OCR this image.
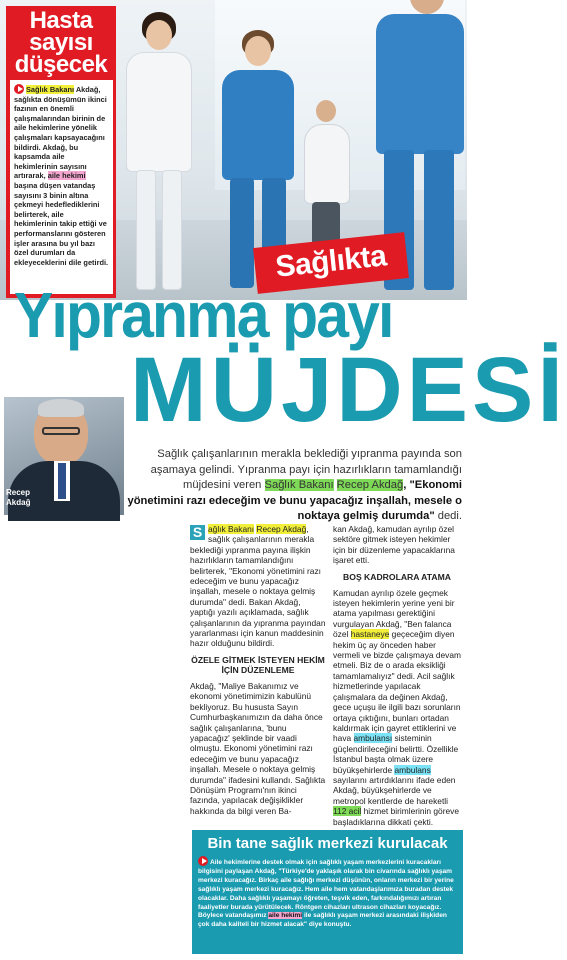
Hasta
sayısı
düşecek
Sağlık Bakanı Akdağ, sağlıkta dönüşümün ikinci fazının en önemli çalışmalarından birinin de aile hekimlerine yönelik çalışmaları kapsayacağını bildirdi. Akdağ, bu kapsamda aile hekimlerinin sayısını artırarak, aile hekimi başına düşen vatandaş sayısını 3 binin altına çekmeyi hedeflediklerini belirterek, aile hekimlerinin takip ettiği ve performanslarını gösteren işler arasına bu yıl bazı özel durumları da ekleyeceklerini dile getirdi.	Sağlıkta
Yıpranma payı
MÜJDESİ
Recep
Akdağ
Sağlık çalışanlarının merakla beklediği yıpranma payında son aşamaya gelindi. Yıpranma payı için hazırlıkların tamamlandığı müjdesini veren Sağlık Bakanı Recep Akdağ, "Ekonomi yönetimini razı edeceğim ve bunu yapacağız inşallah, mesele o noktaya gelmiş durumda" dedi.

S ağlık Bakanı Recep Akdağ, sağlık çalışanlarının merakla beklediği yıpranma payına ilişkin hazırlıkların tamamlandığını belirterek, "Ekonomi yönetimini razı edeceğim ve bunu yapacağız inşallah, mesele o noktaya gelmiş durumda" dedi. Bakan Akdağ, yaptığı yazılı açıklamada, sağlık çalışanlarının da yıpranma payından yararlanması için kanun maddesinin hazır olduğunu bildirdi.

ÖZELE GİTMEK İSTEYEN HEKİM İÇİN DÜZENLEME

Akdağ, "Maliye Bakanımız ve ekonomi yönetimimizin kabulünü bekliyoruz. Bu hususta Sayın Cumhurbaşkanımızın da daha önce sağlık çalışanlarına, 'bunu yapacağız' şeklinde bir vaadi olmuştu. Ekonomi yönetimini razı edeceğim ve bunu yapacağız inşallah. Mesele o noktaya gelmiş durumda" ifadesini kullandı. Sağlıkta Dönüşüm Programı'nın ikinci fazında, yapılacak değişiklikler hakkında da bilgi veren Ba-

kan Akdağ, kamudan ayrılıp özel sektöre gitmek isteyen hekimler için bir düzenleme yapacaklarına işaret etti.

BOŞ KADROLARA ATAMA

Kamudan ayrılıp özele geçmek isteyen hekimlerin yerine yeni bir atama yapılması gerektiğini vurgulayan Akdağ, "Ben falanca özel hastaneye geçeceğim diyen hekim üç ay önceden haber vermeli ve bizde çalışmaya devam etmeli. Biz de o arada eksikliği tamamlamalıyız" dedi. Acil sağlık hizmetlerinde yapılacak çalışmalara da değinen Akdağ, gece uçuşu ile ilgili bazı sorunların ortaya çıktığını, bunları ortadan kaldırmak için gayret ettiklerini ve hava ambulansı sisteminin güçlendirileceğini belirtti. Özellikle İstanbul başta olmak üzere büyükşehirlerde ambulans sayılarını artırdıklarını ifade eden Akdağ, büyükşehirlerde ve metropol kentlerde de hareketli 112 acil hizmet birimlerinin göreve başladıklarına dikkati çekti.

Bin tane sağlık merkezi kurulacak
Aile hekimlerine destek olmak için sağlıklı yaşam merkezlerini kuracakları bilgisini paylaşan Akdağ, "Türkiye'de yaklaşık olarak bin civarında sağlıklı yaşam merkezi kuracağız. Birkaç aile sağlığı merkezi düşünün, onların merkezi bir yerine sağlıklı yaşam merkezi kuracağız. Hem aile hem vatandaşlarımıza buradan destek olacaklar. Daha sağlıklı yaşamayı öğreten, teşvik eden, farkındalığımızı artıran faaliyetler burada yürütülecek. Röntgen cihazları ultrason cihazları koyacağız. Böylece vatandaşımız aile hekimi ile sağlıklı yaşam merkezi arasındaki ilişkiden çok daha kaliteli bir hizmet alacak" diye konuştu.
